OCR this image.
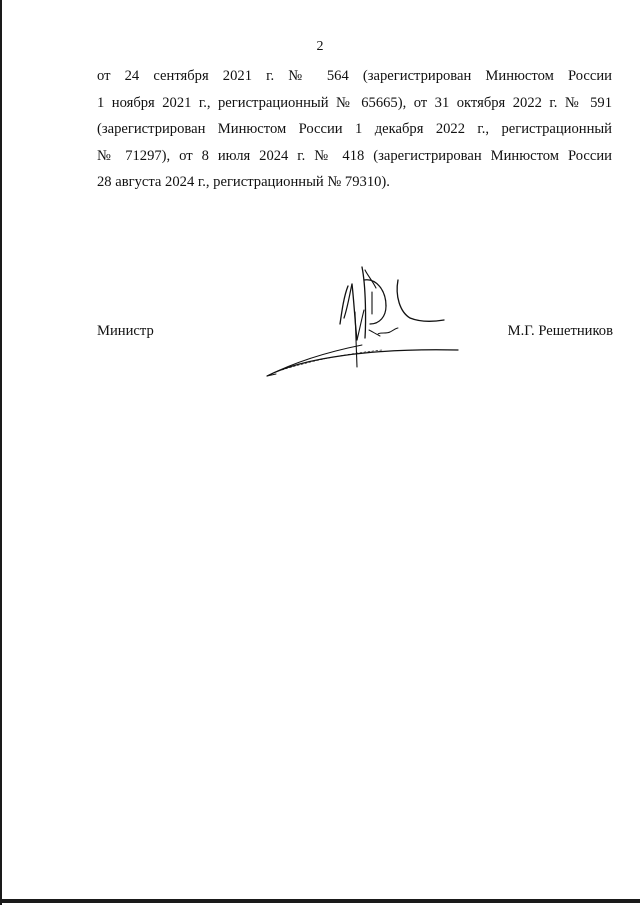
2
от 24 сентября 2021 г. № 564 (зарегистрирован Минюстом России
1 ноября 2021 г., регистрационный № 65665), от 31 октября 2022 г. № 591
(зарегистрирован Минюстом России 1 декабря 2022 г., регистрационный
№ 71297), от 8 июля 2024 г. № 418 (зарегистрирован Минюстом России
28 августа 2024 г., регистрационный № 79310).
Министр	М.Г. Решетников
